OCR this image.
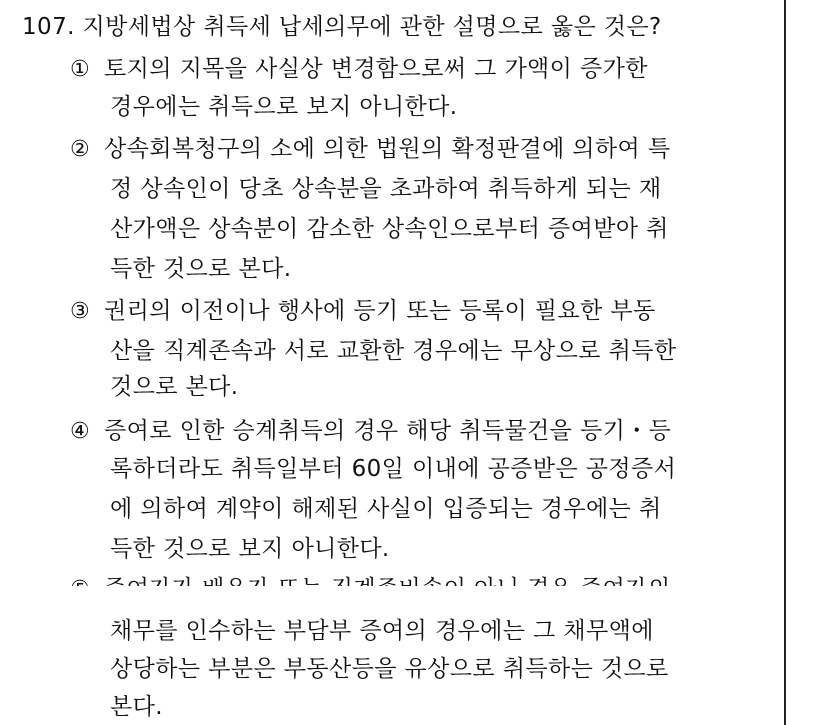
107. 지방세법상 취득세 납세의무에 관한 설명으로 옳은 것은?
① 토지의 지목을 사실상 변경함으로써 그 가액이 증가한
경우에는 취득으로 보지 아니한다.
② 상속회복청구의 소에 의한 법원의 확정판결에 의하여 특
정 상속인이 당초 상속분을 초과하여 취득하게 되는 재
산가액은 상속분이 감소한 상속인으로부터 증여받아 취
득한 것으로 본다.
③ 권리의 이전이나 행사에 등기 또는 등록이 필요한 부동
산을 직계존속과 서로 교환한 경우에는 무상으로 취득한
것으로 본다.
④ 증여로 인한 승계취득의 경우 해당 취득물건을 등기・등
록하더라도 취득일부터 60일 이내에 공증받은 공정증서
에 의하여 계약이 해제된 사실이 입증되는 경우에는 취
득한 것으로 보지 아니한다.
채무를 인수하는 부담부 증여의 경우에는 그 채무액에
상당하는 부분은 부동산등을 유상으로 취득하는 것으로
본다.
